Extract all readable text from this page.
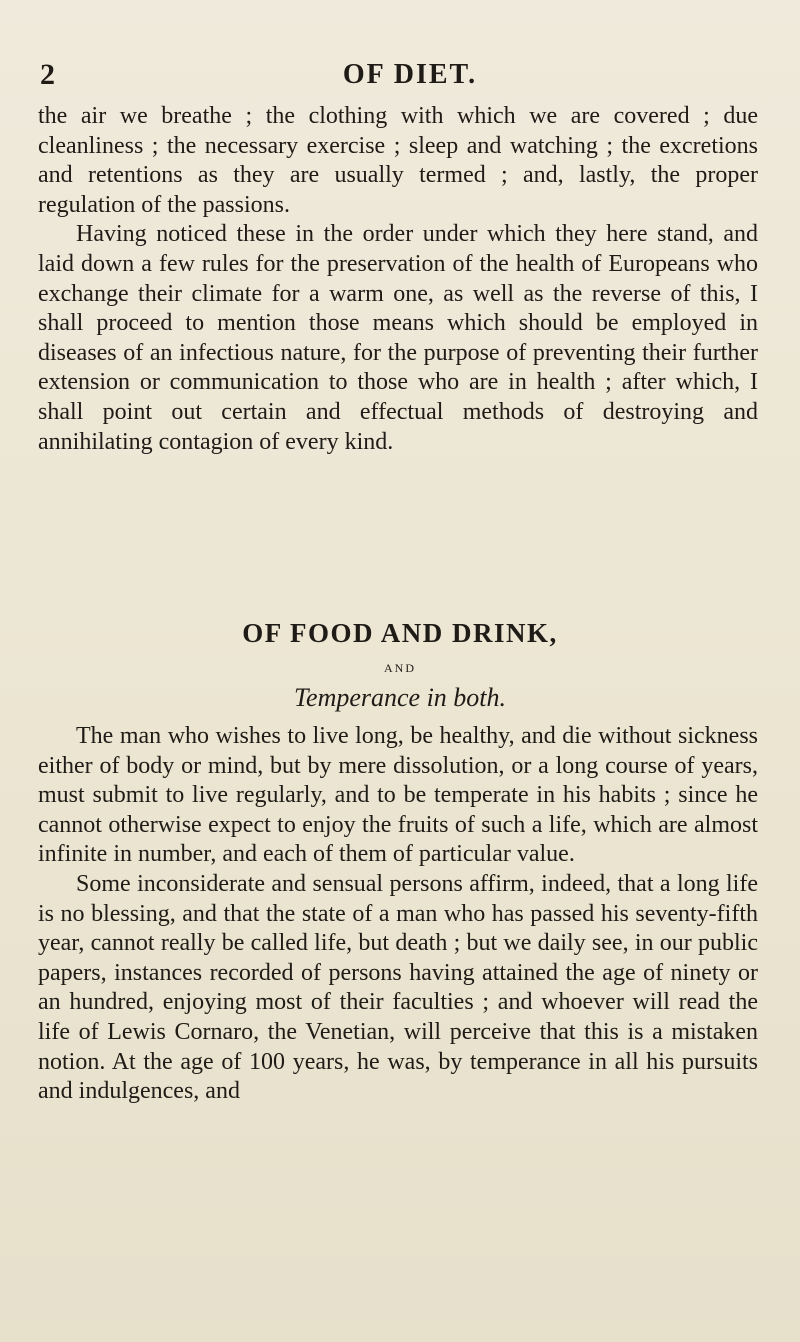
2	OF DIET.

the air we breathe ; the clothing with which we are covered ; due cleanliness ; the necessary exercise ; sleep and watching ; the excretions and retentions as they are usually termed ; and, lastly, the proper regulation of the passions.

Having noticed these in the order under which they here stand, and laid down a few rules for the preservation of the health of Europeans who exchange their climate for a warm one, as well as the reverse of this, I shall proceed to mention those means which should be employed in diseases of an infectious nature, for the purpose of preventing their further extension or communication to those who are in health ; after which, I shall point out certain and effectual methods of destroying and annihilating contagion of every kind.

OF FOOD AND DRINK,
AND
Temperance in both.

The man who wishes to live long, be healthy, and die without sickness either of body or mind, but by mere dissolution, or a long course of years, must submit to live regularly, and to be temperate in his habits ; since he cannot otherwise expect to enjoy the fruits of such a life, which are almost infinite in number, and each of them of particular value.

Some inconsiderate and sensual persons affirm, indeed, that a long life is no blessing, and that the state of a man who has passed his seventy-fifth year, cannot really be called life, but death ; but we daily see, in our public papers, instances recorded of persons having attained the age of ninety or an hundred, enjoying most of their faculties ; and whoever will read the life of Lewis Cornaro, the Venetian, will perceive that this is a mistaken notion. At the age of 100 years, he was, by temperance in all his pursuits and indulgences, and
